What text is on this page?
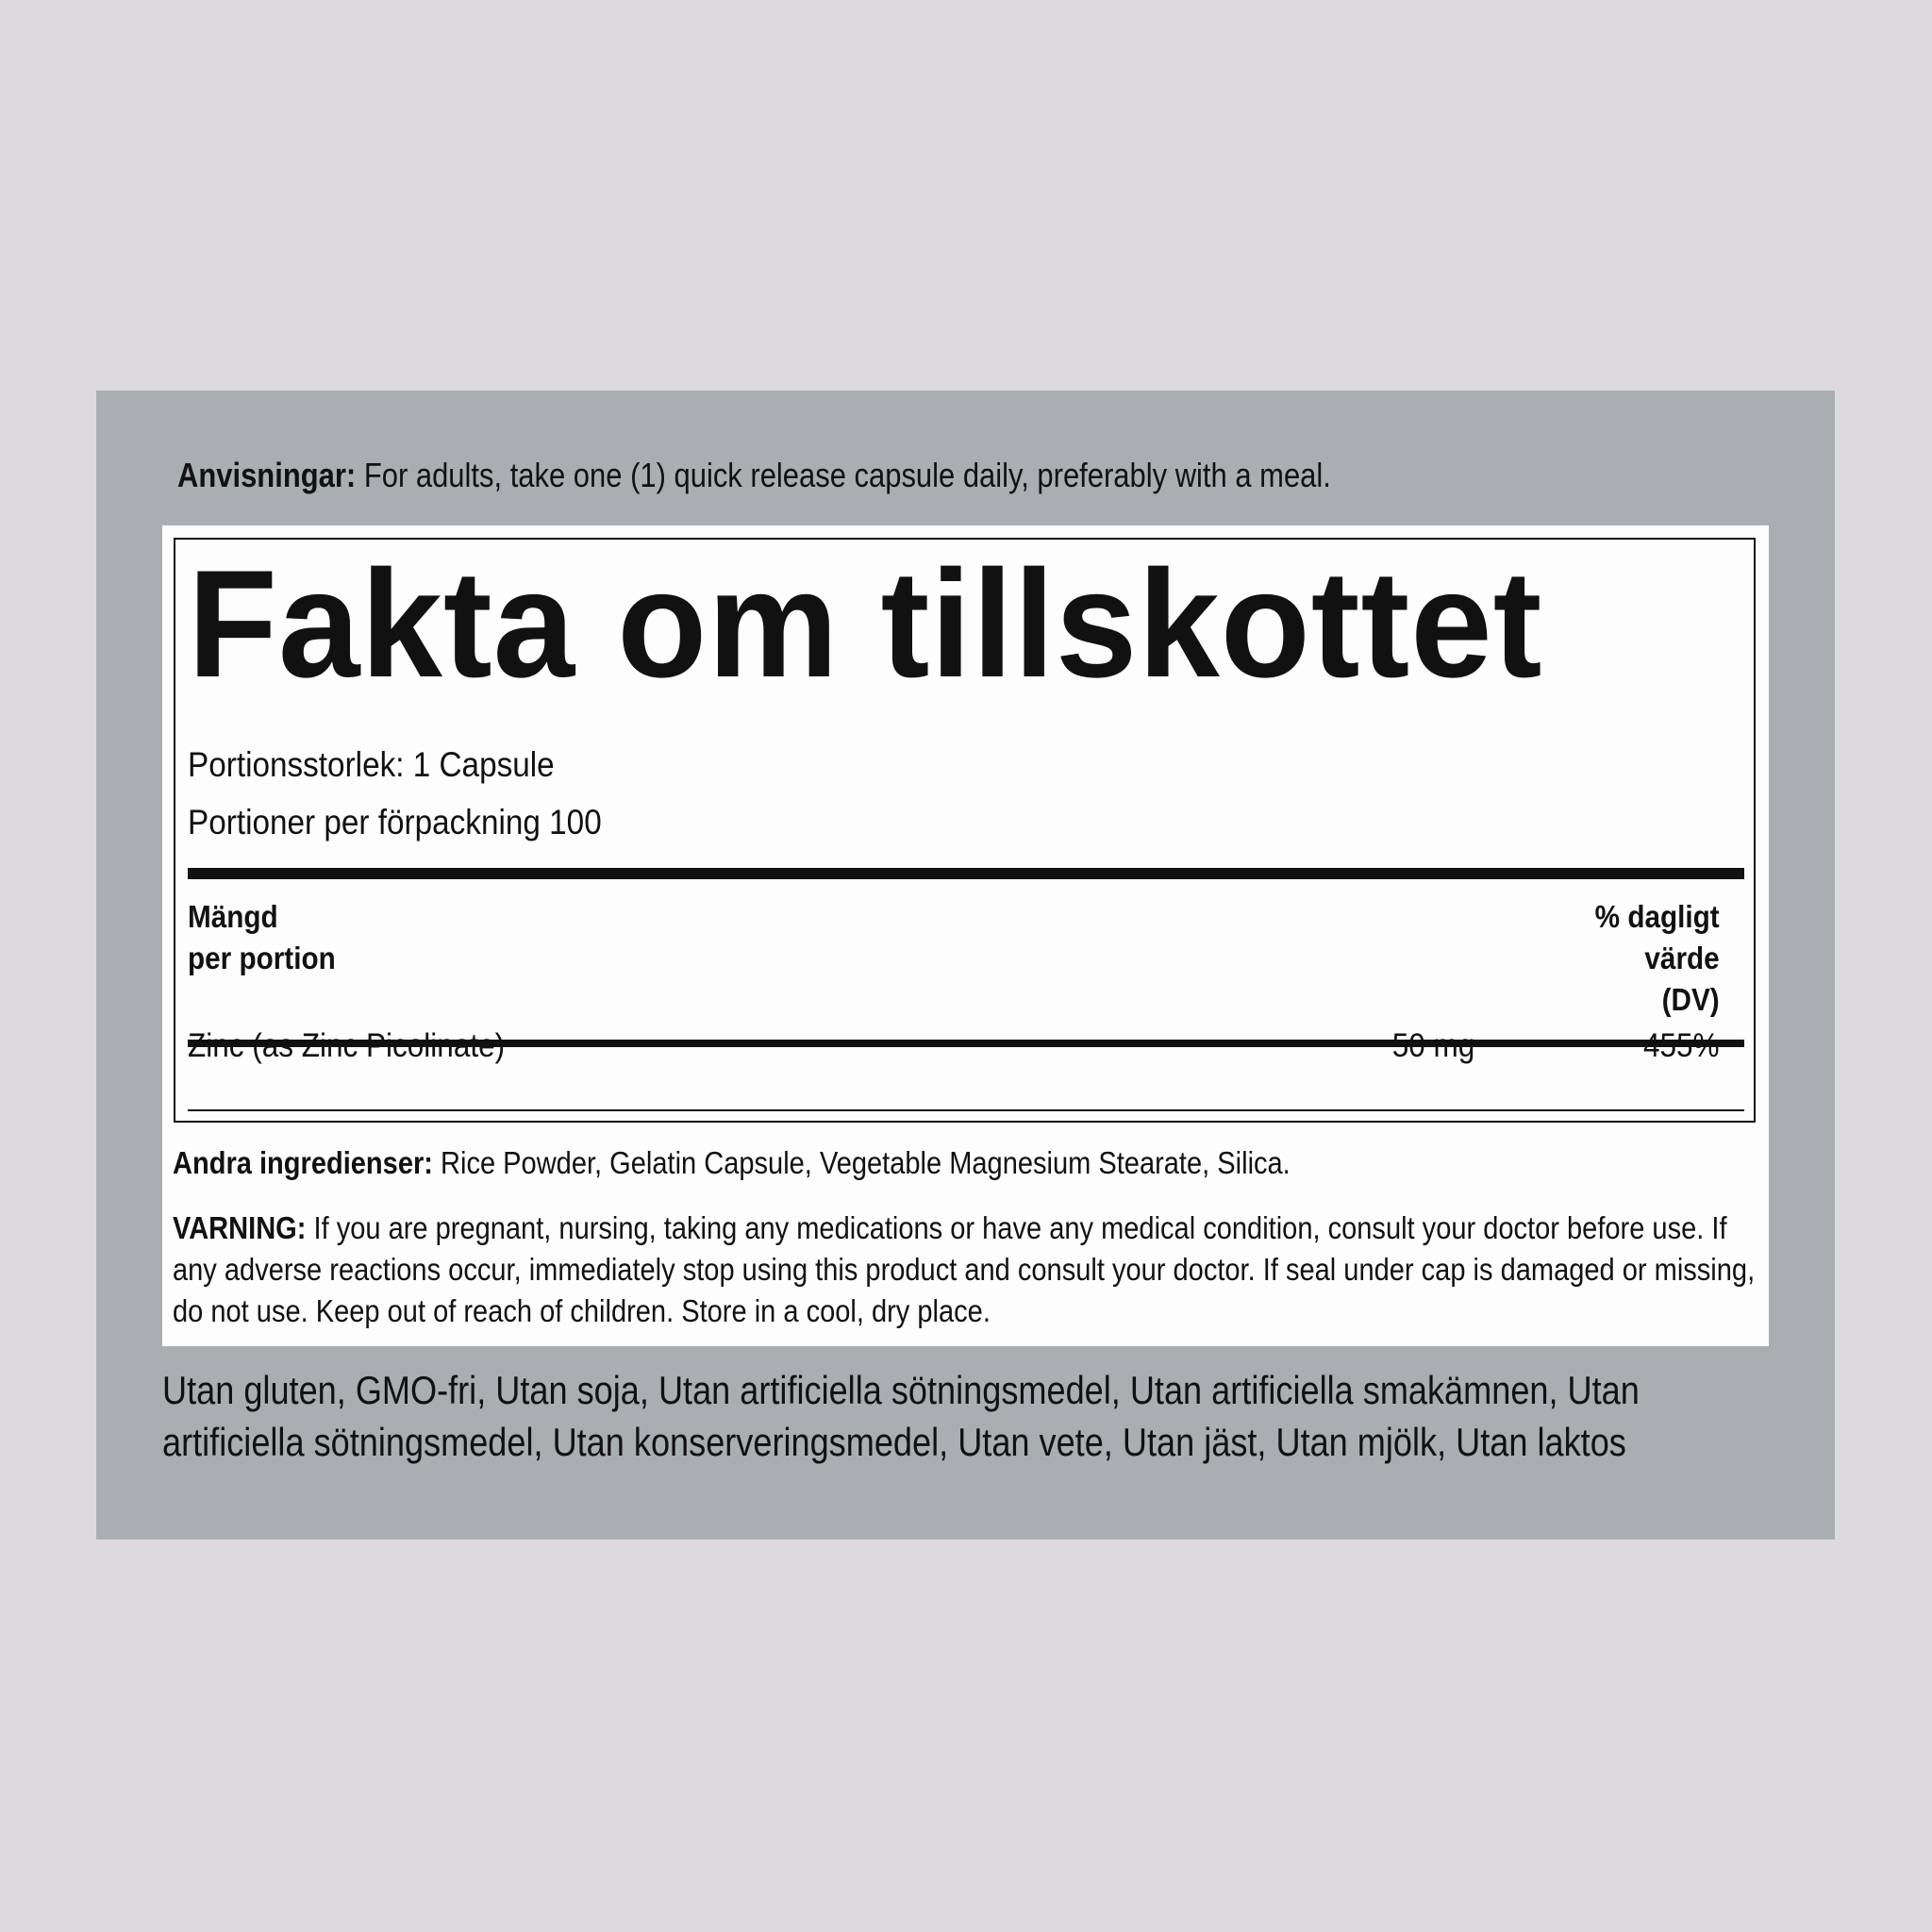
Anvisningar: For adults, take one (1) quick release capsule daily, preferably with a meal.
Fakta om tillskottet
Portionsstorlek: 1 Capsule
Portioner per förpackning 100
Mängd
per portion
% dagligt
värde
(DV)
Zinc (as Zinc Picolinate)	50 mg	455%
Andra ingredienser: Rice Powder, Gelatin Capsule, Vegetable Magnesium Stearate, Silica.
VARNING: If you are pregnant, nursing, taking any medications or have any medical condition, consult your doctor before use. If any adverse reactions occur, immediately stop using this product and consult your doctor. If seal under cap is damaged or missing, do not use. Keep out of reach of children. Store in a cool, dry place.
Utan gluten, GMO-fri, Utan soja, Utan artificiella sötningsmedel, Utan artificiella smakämnen, Utan
artificiella sötningsmedel, Utan konserveringsmedel, Utan vete, Utan jäst, Utan mjölk, Utan laktos
